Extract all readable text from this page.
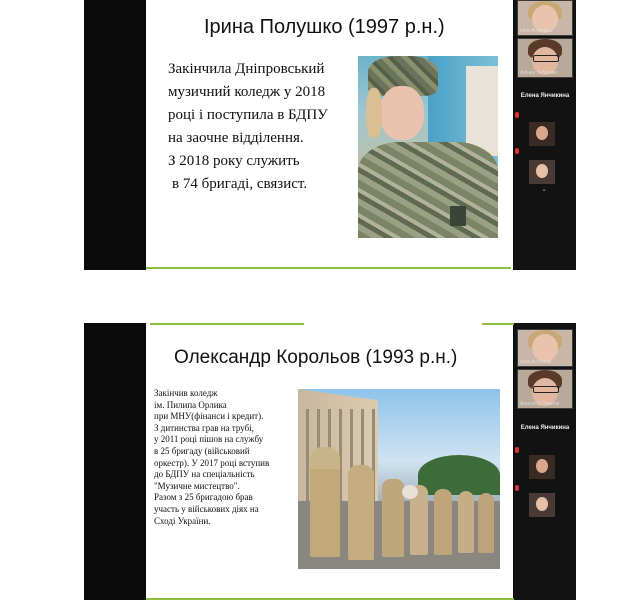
Ірина Полушко (1997 р.н.)
Закінчила Дніпровський
музичний коледж у 2018
році і поступила в БДПУ
на заочне відділення.
З 2018 року служить
в 74 бригаді, связист.
Інна Антоніва
Алінка Тобілова
Елена Янчикина
⌄
Олександр Корольов (1993 р.н.)
Закінчив коледж
ім. Пилипа Орлика
при МНУ(фінанси і кредит).
З дитинства грав на трубі,
у 2011 році пішов на службу
в 25 бригаду (військовий
оркестр). У 2017 році вступив
до БДПУ на спеціальність
"Музичне мистецтво".
Разом з 25 бригадою брав
участь у військових діях на
Сході України.
Інна Антоніва
Анатолій Павлов
Елена Янчикина
